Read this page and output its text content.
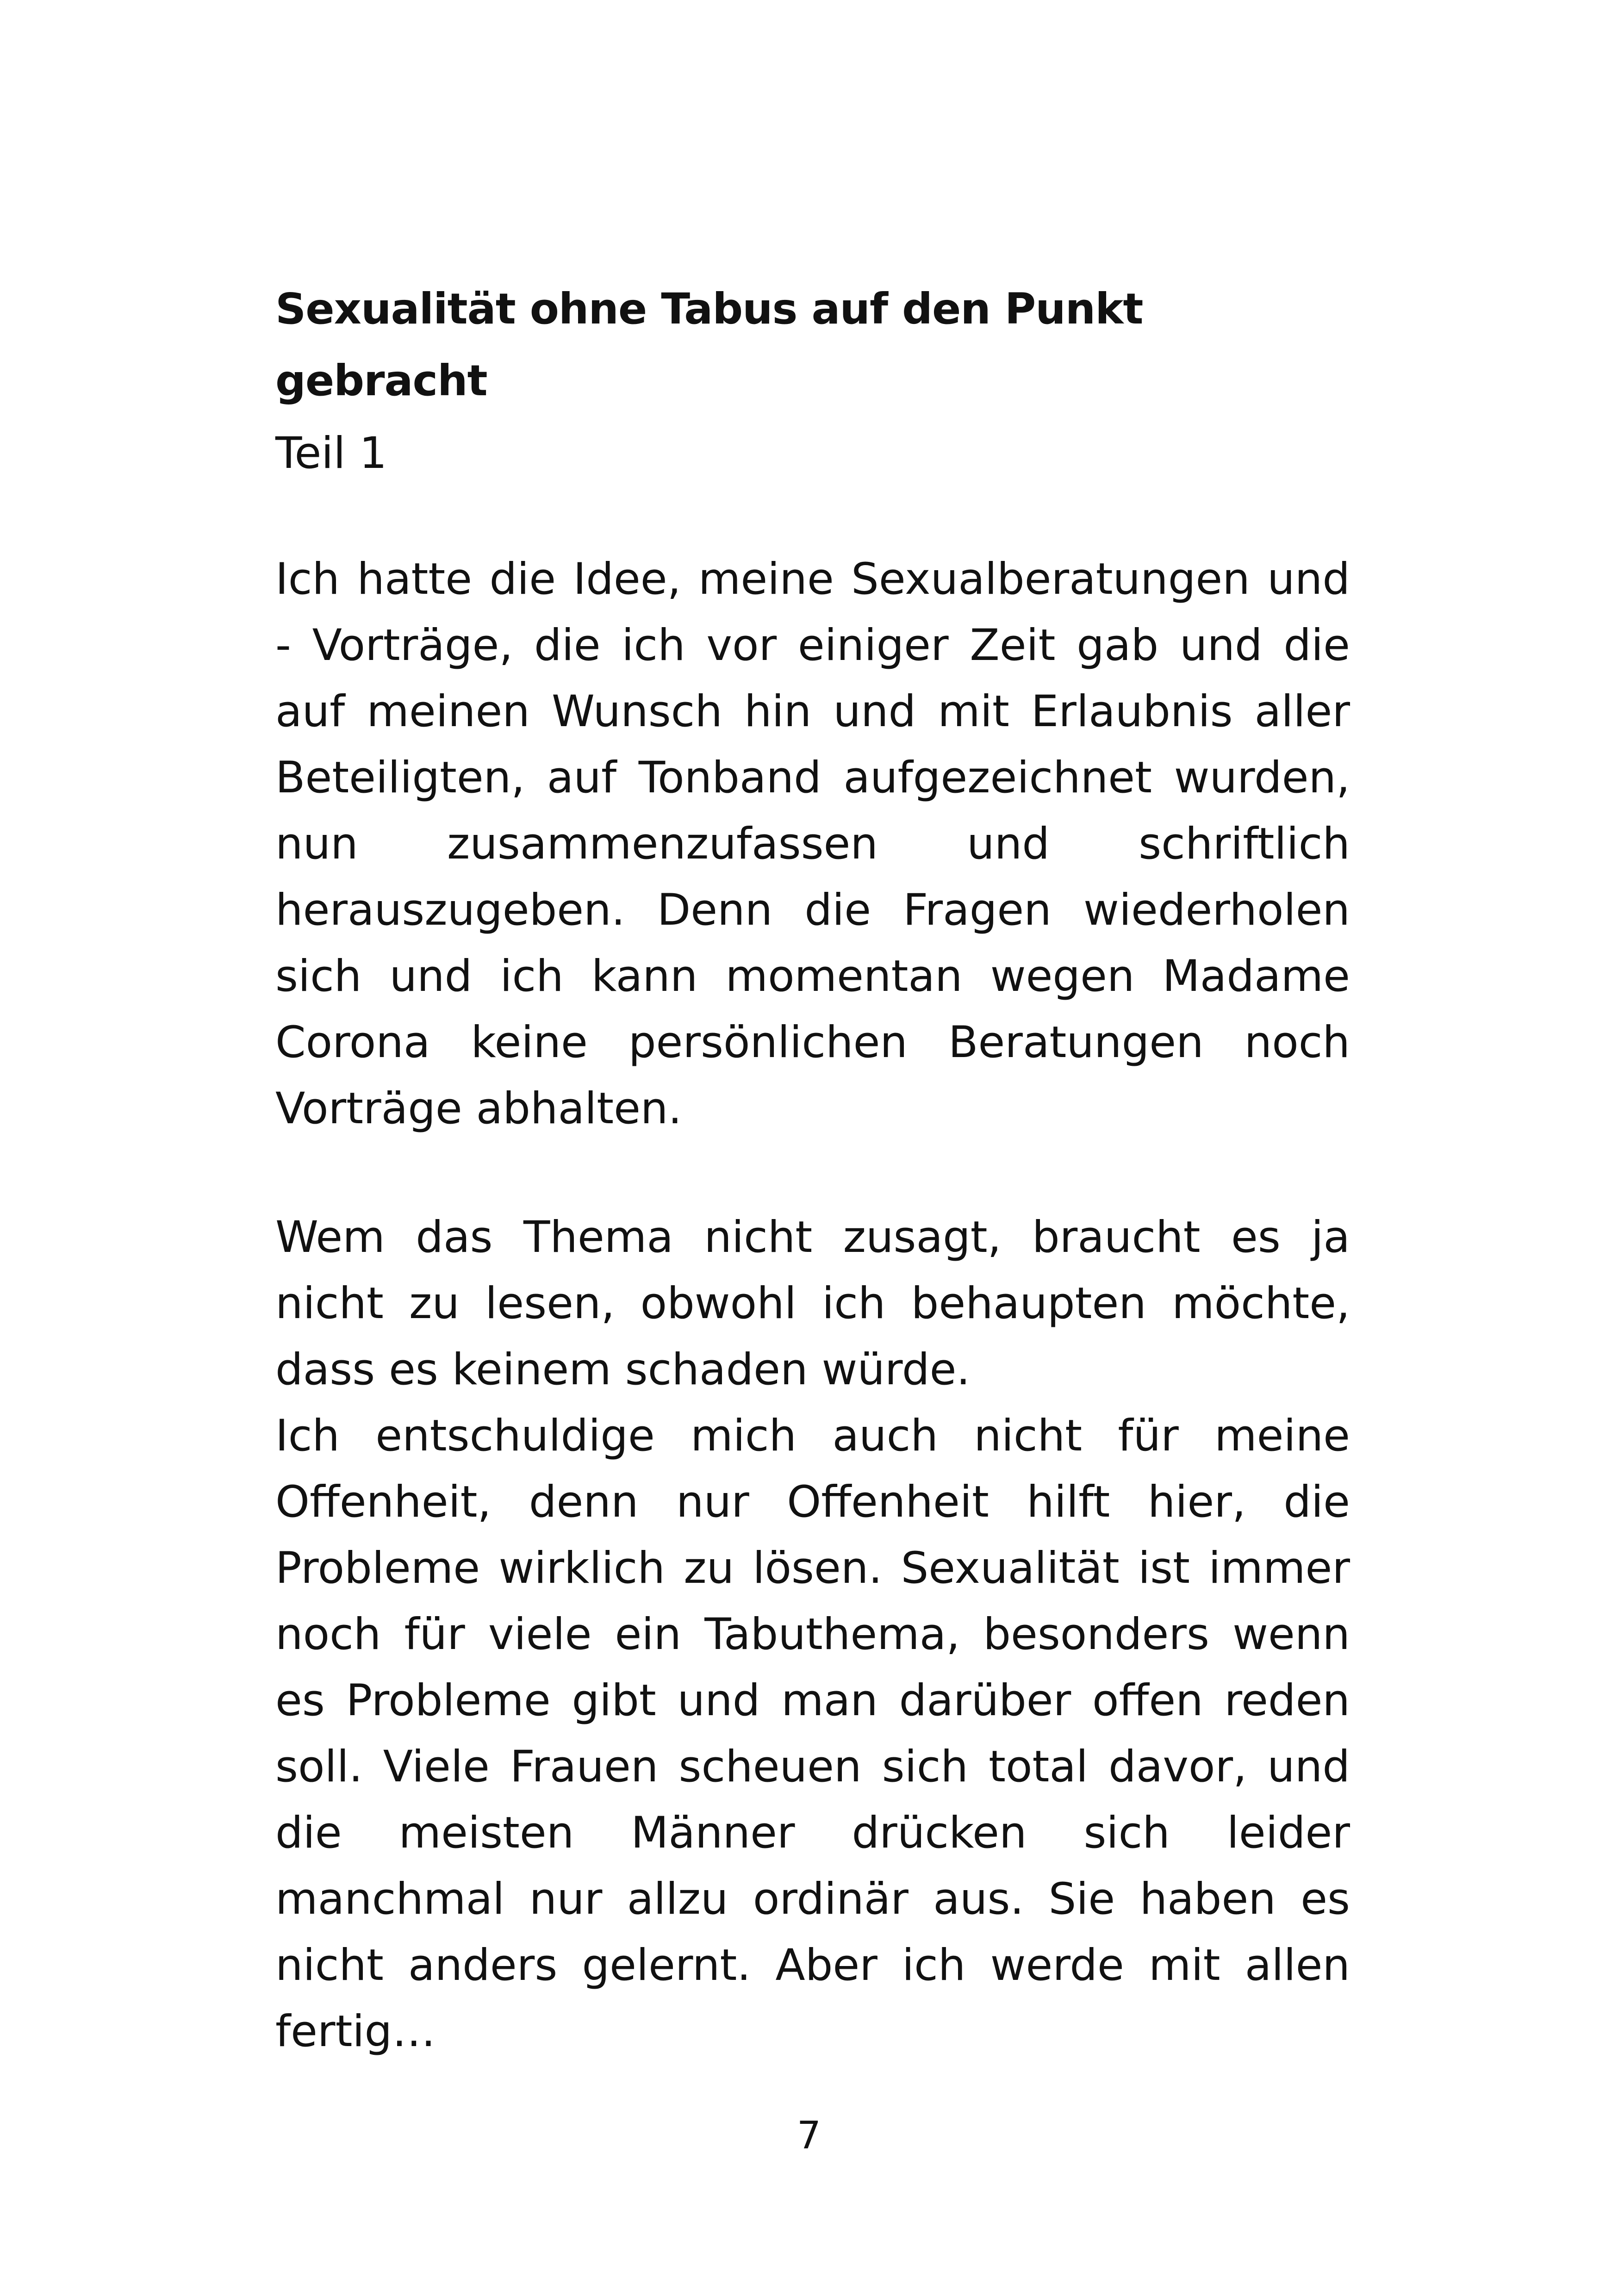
Sexualität ohne Tabus auf den Punkt gebracht

Teil 1

Ich hatte die Idee, meine Sexualberatungen und - Vorträge, die ich vor einiger Zeit gab und die auf meinen Wunsch hin und mit Erlaubnis aller Beteiligten, auf Tonband aufgezeichnet wurden, nun zusammenzufassen und schriftlich herauszugeben. Denn die Fragen wiederholen sich und ich kann momentan wegen Madame Corona keine persönlichen Beratungen noch Vorträge abhalten.

Wem das Thema nicht zusagt, braucht es ja nicht zu lesen, obwohl ich behaupten möchte, dass es keinem schaden würde.

Ich entschuldige mich auch nicht für meine Offenheit, denn nur Offenheit hilft hier, die Probleme wirklich zu lösen. Sexualität ist immer noch für viele ein Tabuthema, besonders wenn es Probleme gibt und man darüber offen reden soll. Viele Frauen scheuen sich total davor, und die meisten Männer drücken sich leider manchmal nur allzu ordinär aus. Sie haben es nicht anders gelernt. Aber ich werde mit allen fertig…

7
